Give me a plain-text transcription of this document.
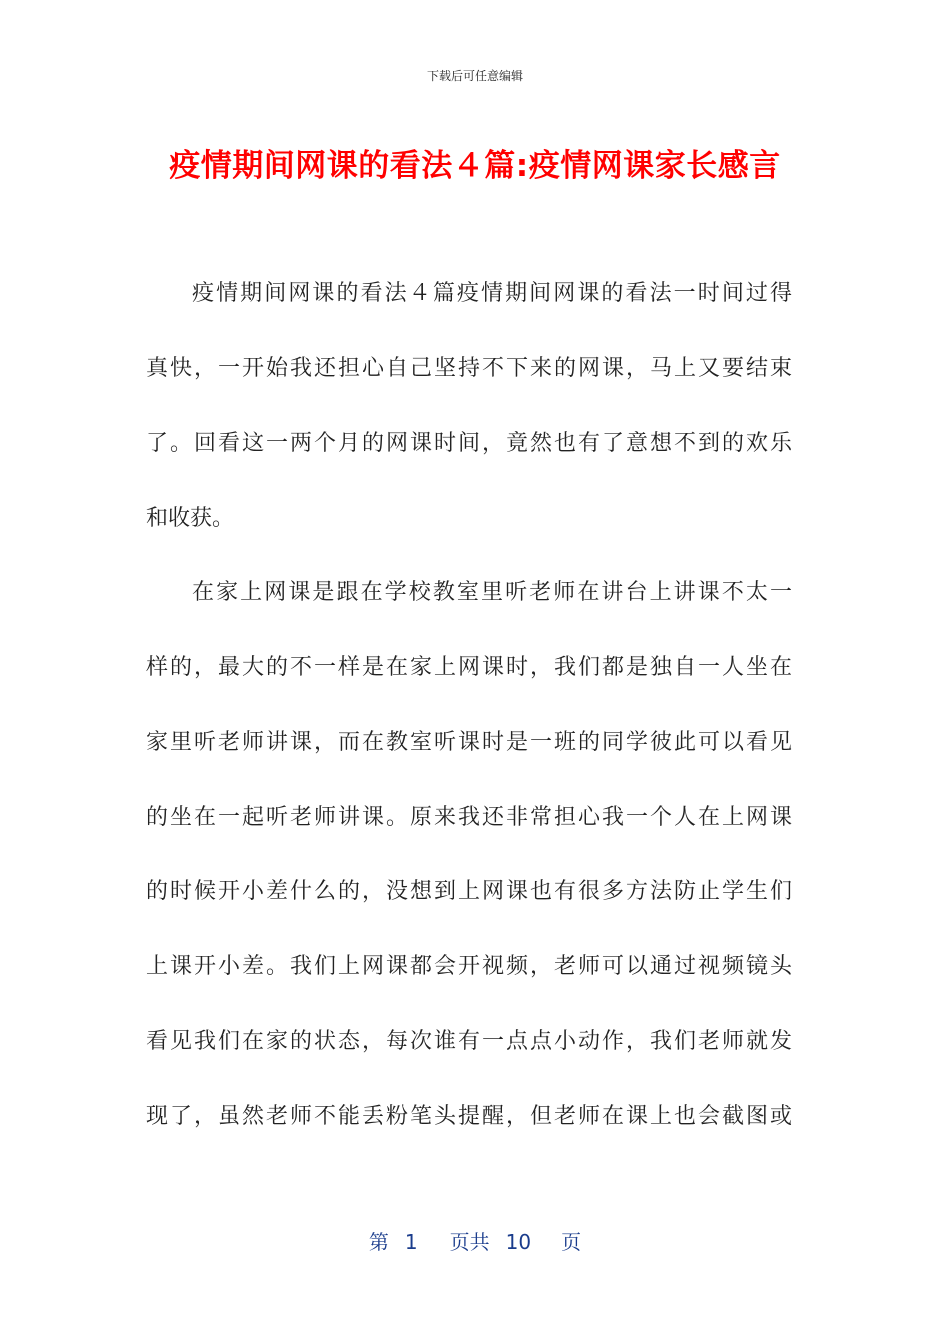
下载后可任意编辑
疫情期间网课的看法４篇:疫情网课家长感言
疫情期间网课的看法４篇疫情期间网课的看法一时间过得
真快，一开始我还担心自己坚持不下来的网课，马上又要结束
了。回看这一两个月的网课时间，竟然也有了意想不到的欢乐
和收获。
在家上网课是跟在学校教室里听老师在讲台上讲课不太一
样的，最大的不一样是在家上网课时，我们都是独自一人坐在
家里听老师讲课，而在教室听课时是一班的同学彼此可以看见
的坐在一起听老师讲课。原来我还非常担心我一个人在上网课
的时候开小差什么的，没想到上网课也有很多方法防止学生们
上课开小差。我们上网课都会开视频，老师可以通过视频镜头
看见我们在家的状态，每次谁有一点点小动作，我们老师就发
现了，虽然老师不能丢粉笔头提醒，但老师在课上也会截图或
第 1 页共 10 页
